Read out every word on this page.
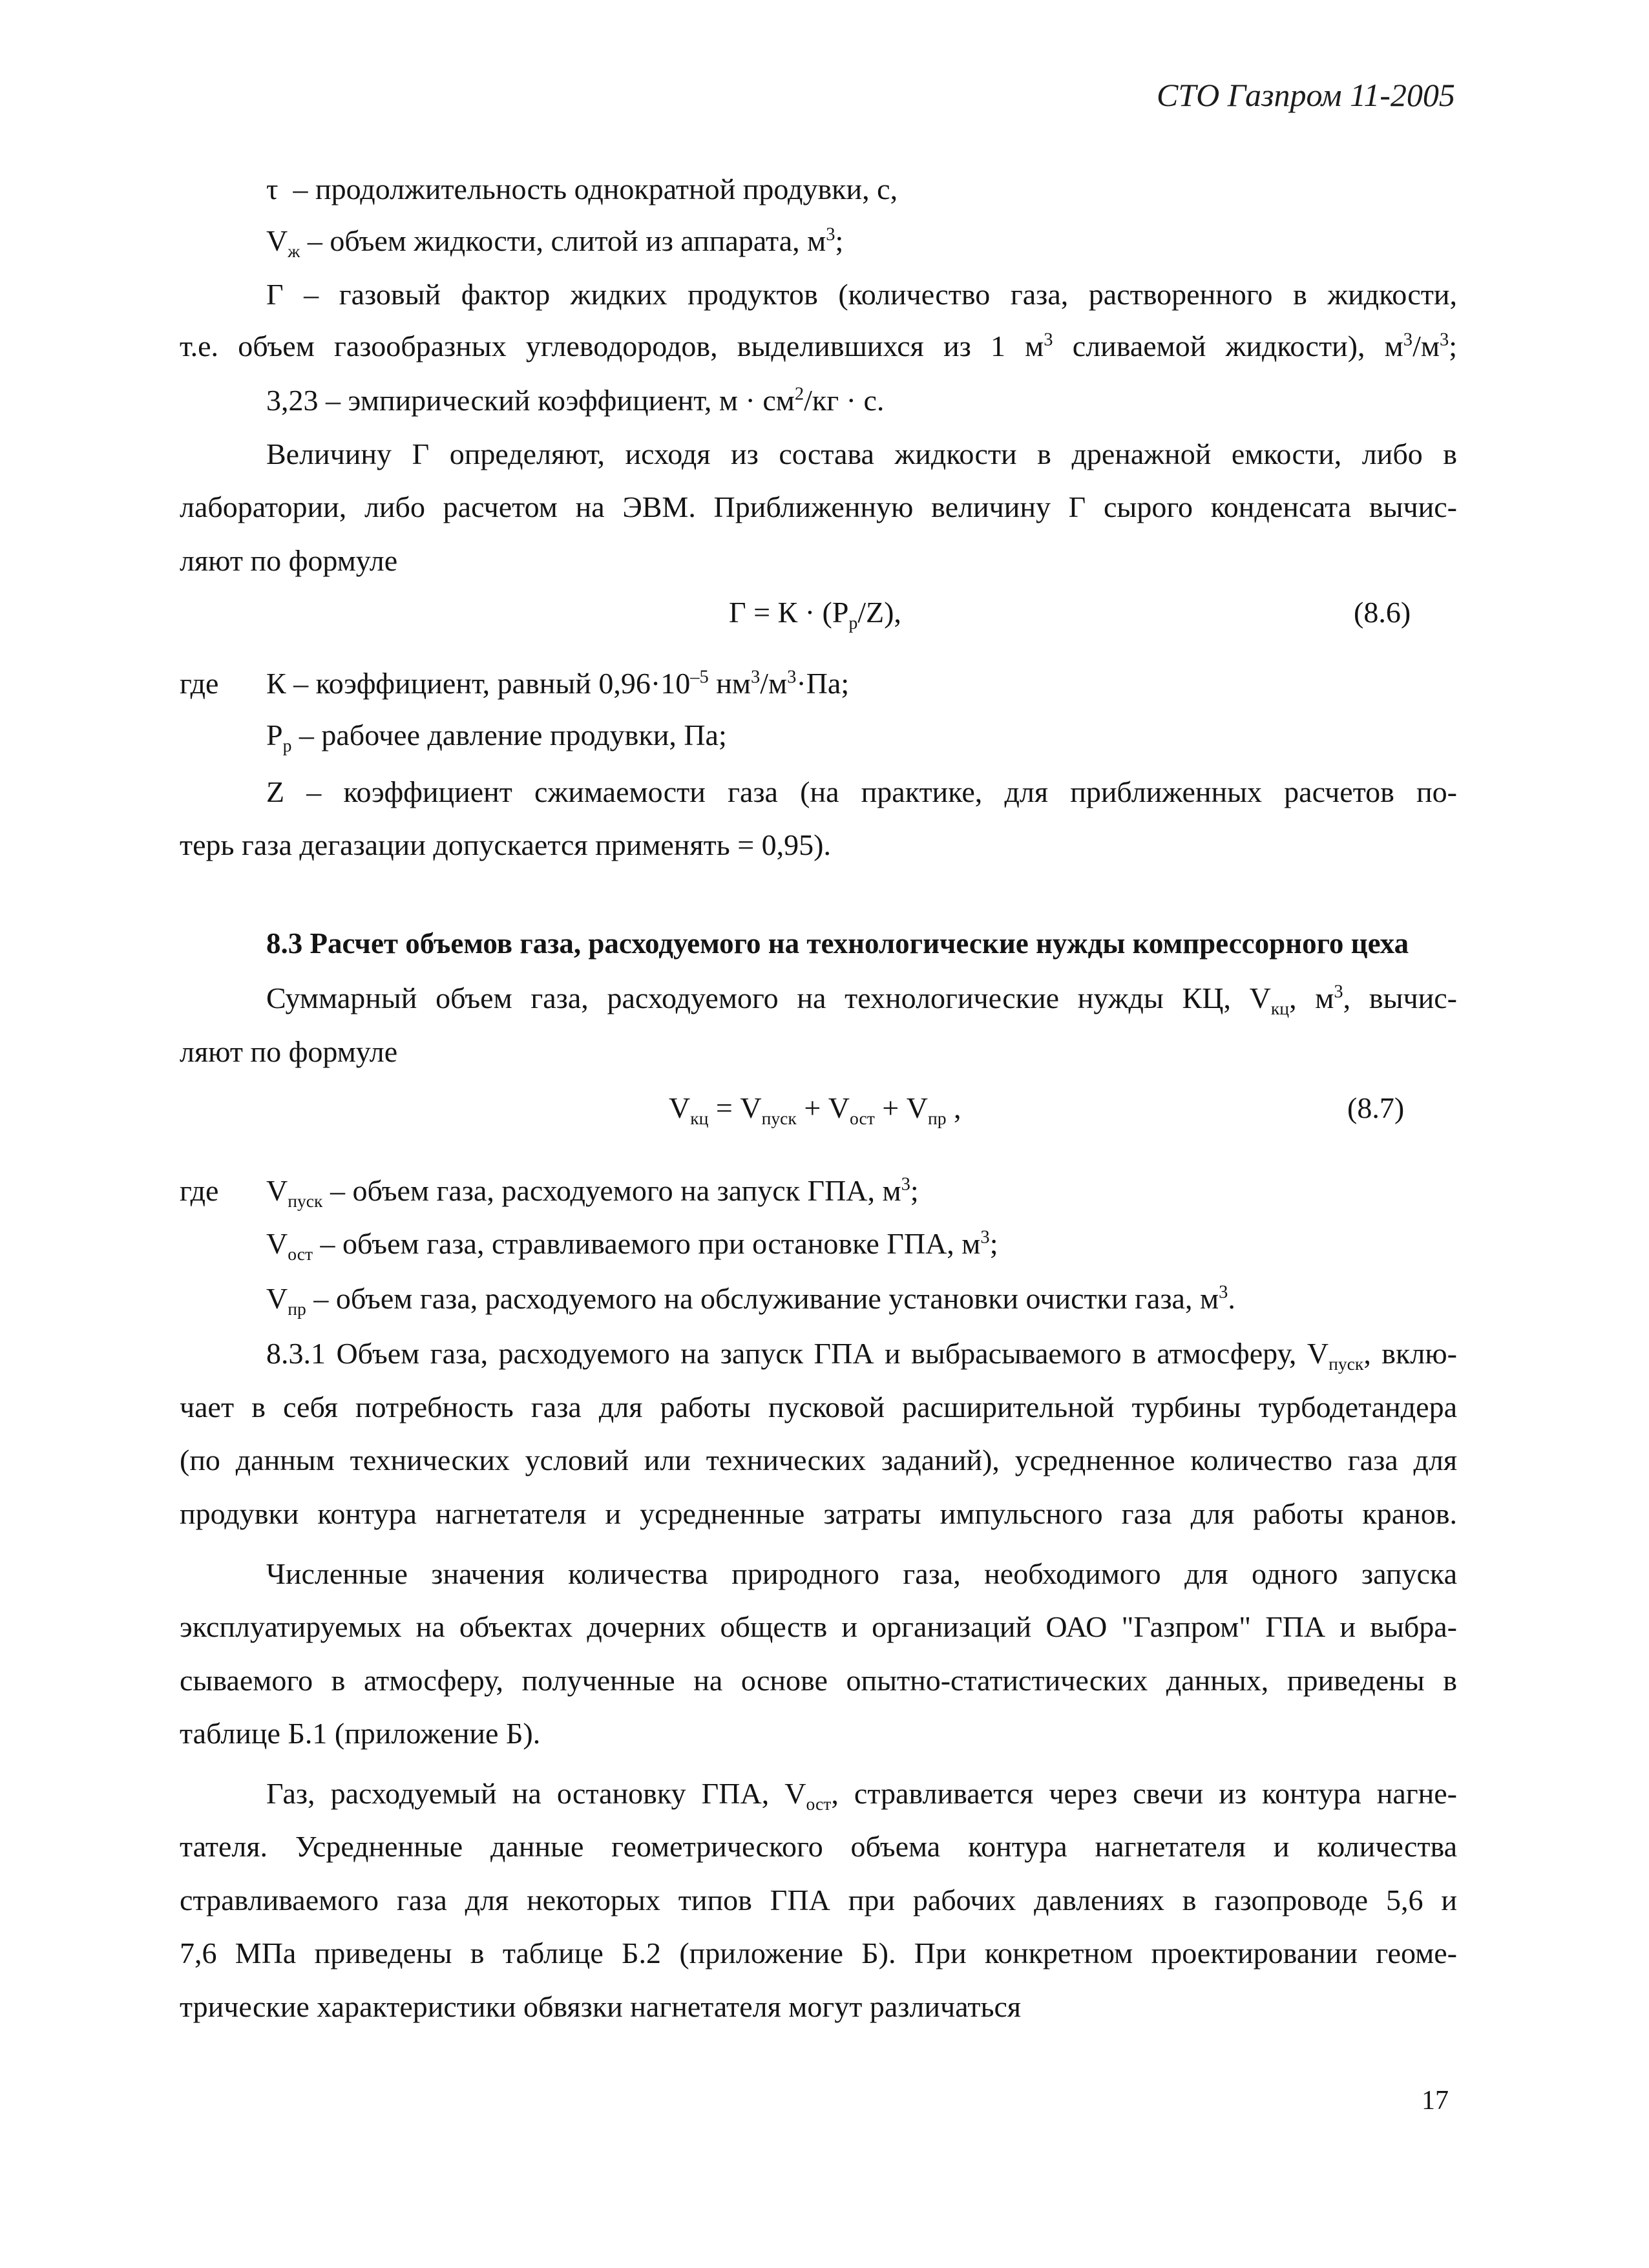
СТО Газпром 11-2005
τ – продолжительность однократной продувки, с,
$V_ж$ – объем жидкости, слитой из аппарата, $м^3$;
Г – газовый фактор жидких продуктов (количество газа, растворенного в жидкости,
т.е. объем газообразных углеводородов, выделившихся из 1 $м^3$ сливаемой жидкости), $м^3/м^3$;
3,23 – эмпирический коэффициент, $м \cdot см^2/кг \cdot с$.
Величину Г определяют, исходя из состава жидкости в дренажной емкости, либо в
лаборатории, либо расчетом на ЭВМ. Приближенную величину Г сырого конденсата вычис-
ляют по формуле
$Г = К \cdot (Р_р/Z)$,	(8.6)
где К – коэффициент, равный $0,96\cdot 10^{-5}$ $нм^3/м^3\cdot Па$;
$Р_р$ – рабочее давление продувки, Па;
Z – коэффициент сжимаемости газа (на практике, для приближенных расчетов по-
терь газа дегазации допускается применять = 0,95).
8.3 Расчет объемов газа, расходуемого на технологические нужды компрессорного цеха
Суммарный объем газа, расходуемого на технологические нужды КЦ, $V_{кц}$, $м^3$, вычис-
ляют по формуле
$V_{кц} = V_{пуск} + V_{ост} + V_{пр}$ ,	(8.7)
где $V_{пуск}$ – объем газа, расходуемого на запуск ГПА, $м^3$;
$V_{ост}$ – объем газа, стравливаемого при остановке ГПА, $м^3$;
$V_{пр}$ – объем газа, расходуемого на обслуживание установки очистки газа, $м^3$.
8.3.1 Объем газа, расходуемого на запуск ГПА и выбрасываемого в атмосферу, $V_{пуск}$, вклю-
чает в себя потребность газа для работы пусковой расширительной турбины турбодетандера
(по данным технических условий или технических заданий), усредненное количество газа для
продувки контура нагнетателя и усредненные затраты импульсного газа для работы кранов.
Численные значения количества природного газа, необходимого для одного запуска
эксплуатируемых на объектах дочерних обществ и организаций ОАО "Газпром" ГПА и выбра-
сываемого в атмосферу, полученные на основе опытно-статистических данных, приведены в
таблице Б.1 (приложение Б).
Газ, расходуемый на остановку ГПА, $V_{ост}$, стравливается через свечи из контура нагне-
тателя. Усредненные данные геометрического объема контура нагнетателя и количества
стравливаемого газа для некоторых типов ГПА при рабочих давлениях в газопроводе 5,6 и
7,6 МПа приведены в таблице Б.2 (приложение Б). При конкретном проектировании геоме-
трические характеристики обвязки нагнетателя могут различаться
17
